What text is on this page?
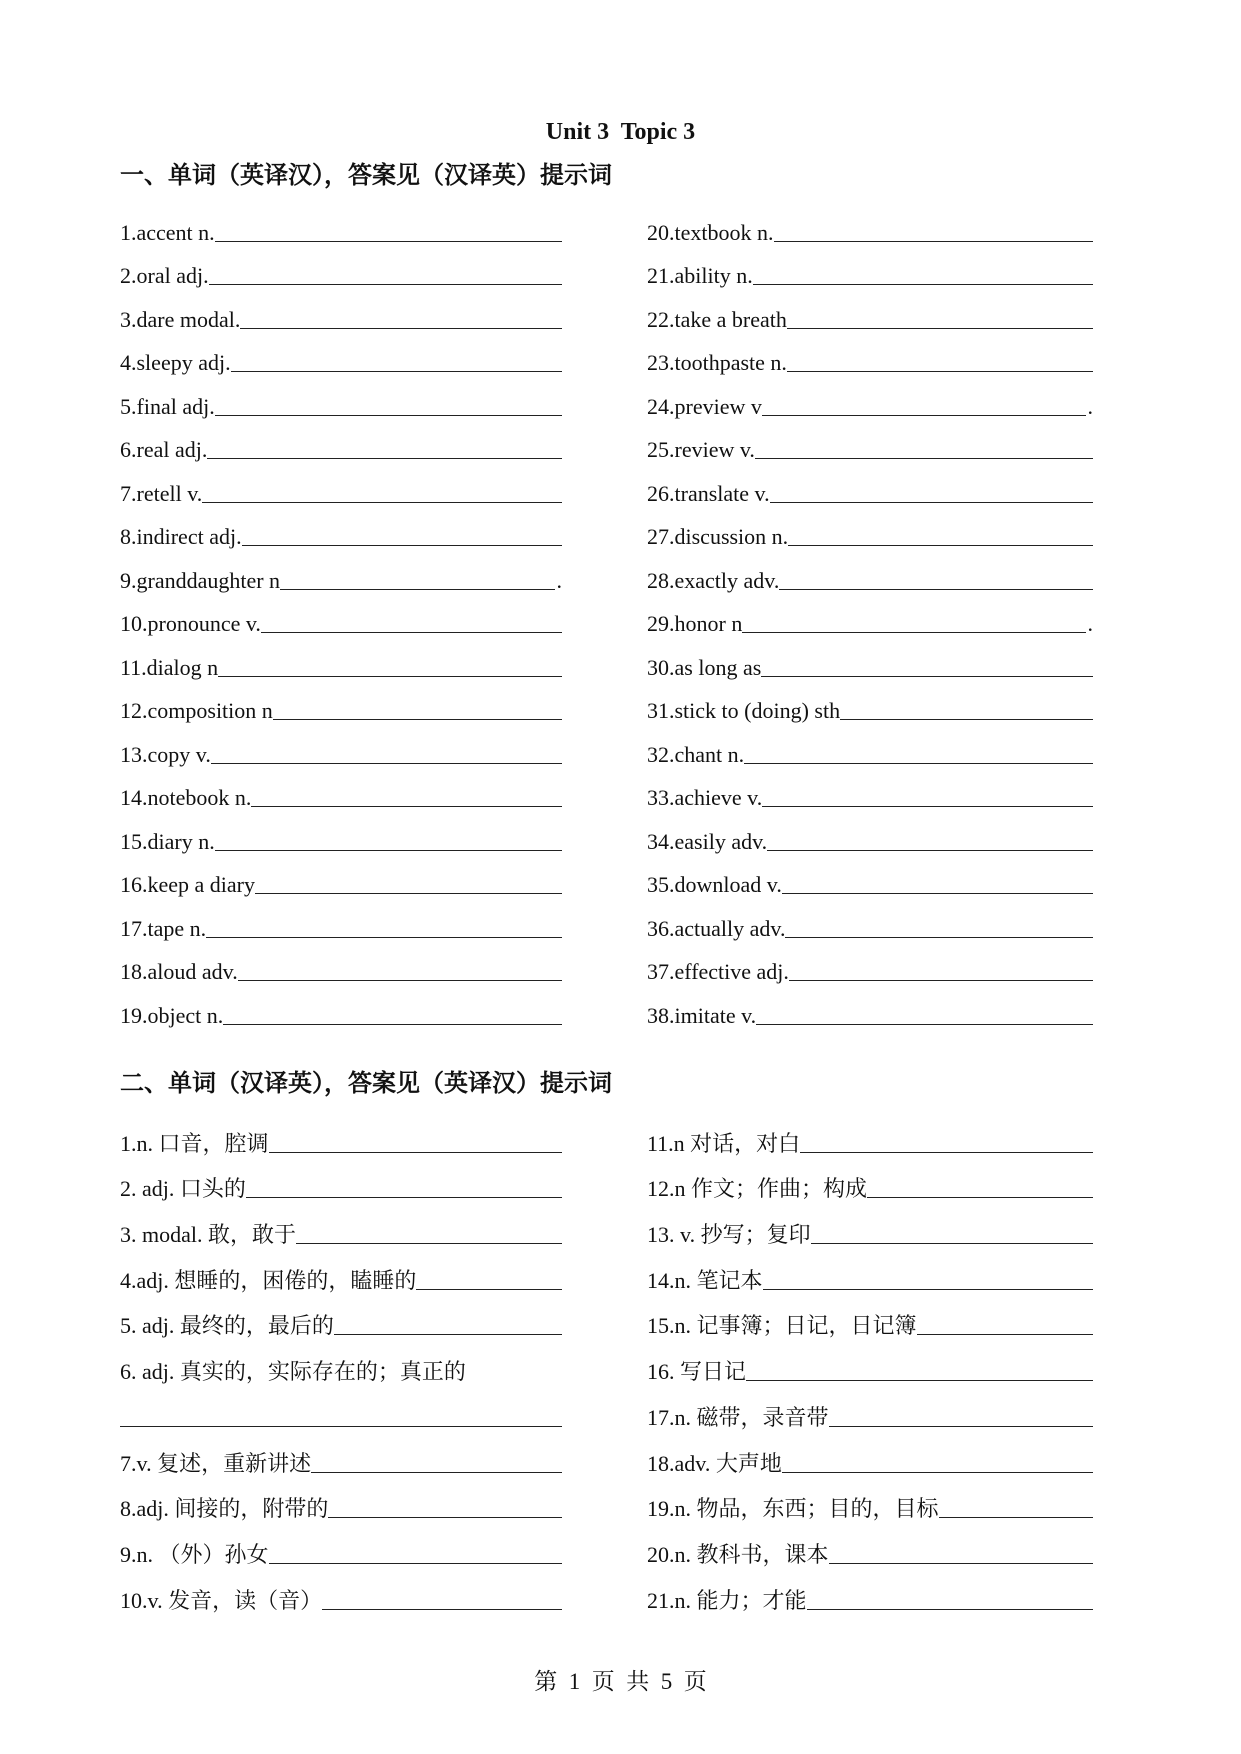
Unit 3  Topic 3
一、单词（英译汉），答案见（汉译英）提示词
1.accent n.
2.oral adj.
3.dare modal.
4.sleepy adj.
5.final adj.
6.real adj.
7.retell v.
8.indirect adj.
9.granddaughter n	.
10.pronounce v.
11.dialog n
12.composition n
13.copy v.
14.notebook n.
15.diary n.
16.keep a diary
17.tape n.
18.aloud adv.
19.object n.
20.textbook n.
21.ability n.
22.take a breath
23.toothpaste n.
24.preview v	.
25.review v.
26.translate v.
27.discussion n.
28.exactly adv.
29.honor n	.
30.as long as
31.stick to (doing) sth
32.chant n.
33.achieve v.
34.easily adv.
35.download v.
36.actually adv.
37.effective adj.
38.imitate v.
二、单词（汉译英），答案见（英译汉）提示词
1.n. 口音，腔调
2. adj. 口头的
3. modal. 敢，敢于
4.adj. 想睡的，困倦的，瞌睡的
5. adj. 最终的，最后的
6. adj. 真实的，实际存在的；真正的
7.v. 复述，重新讲述
8.adj. 间接的，附带的
9.n. （外）孙女
10.v. 发音，读（音）
11.n 对话，对白
12.n 作文；作曲；构成
13. v. 抄写；复印
14.n. 笔记本
15.n. 记事簿；日记，日记簿
16. 写日记
17.n. 磁带，录音带
18.adv. 大声地
19.n. 物品，东西；目的，目标
20.n. 教科书，课本
21.n. 能力；才能
第  1  页  共  5  页
